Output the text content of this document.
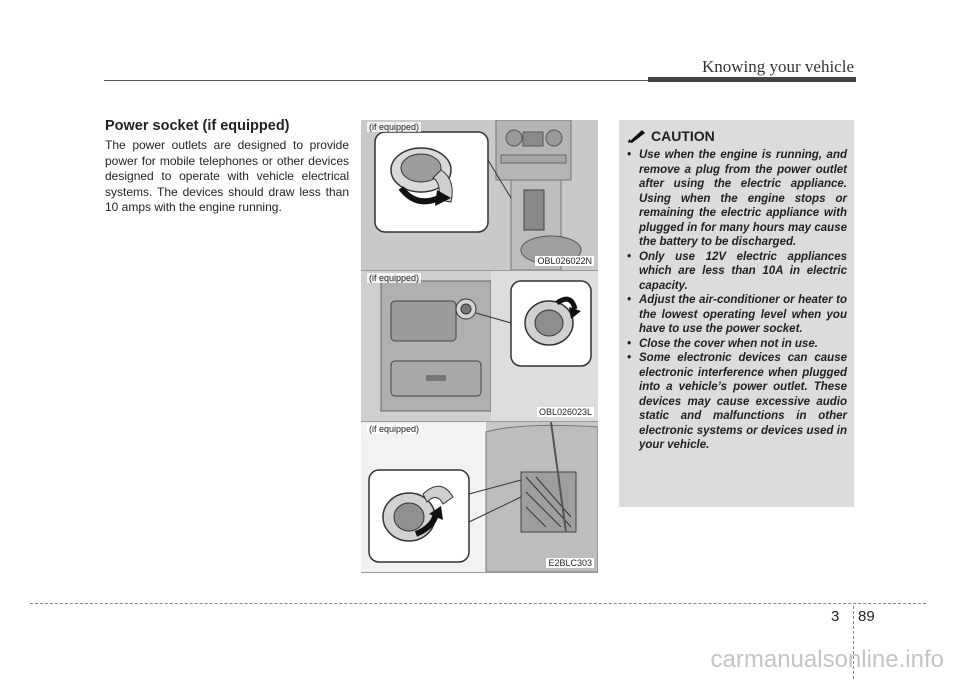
Knowing your vehicle
Power socket (if equipped)
The power outlets are designed to provide power for mobile telephones or other devices designed to operate with vehicle electrical systems. The devices should draw less than 10 amps with the engine running.
(if equipped)
OBL026022N
(if equipped)
OBL026023L
(if equipped)
E2BLC303
CAUTION
• Use when the engine is running, and remove a plug from the power outlet after using the electric appliance. Using when the engine stops or remaining the electric appliance with plugged in for many hours may cause the battery to be discharged.
• Only use 12V electric appliances which are less than 10A in electric capacity.
• Adjust the air-conditioner or heater to the lowest operating level when you have to use the power socket.
• Close the cover when not in use.
• Some electronic devices can cause electronic interference when plugged into a vehicle’s power outlet. These devices may cause excessive audio static and malfunctions in other electronic systems or devices used in your vehicle.
3 89
carmanualsonline.info
